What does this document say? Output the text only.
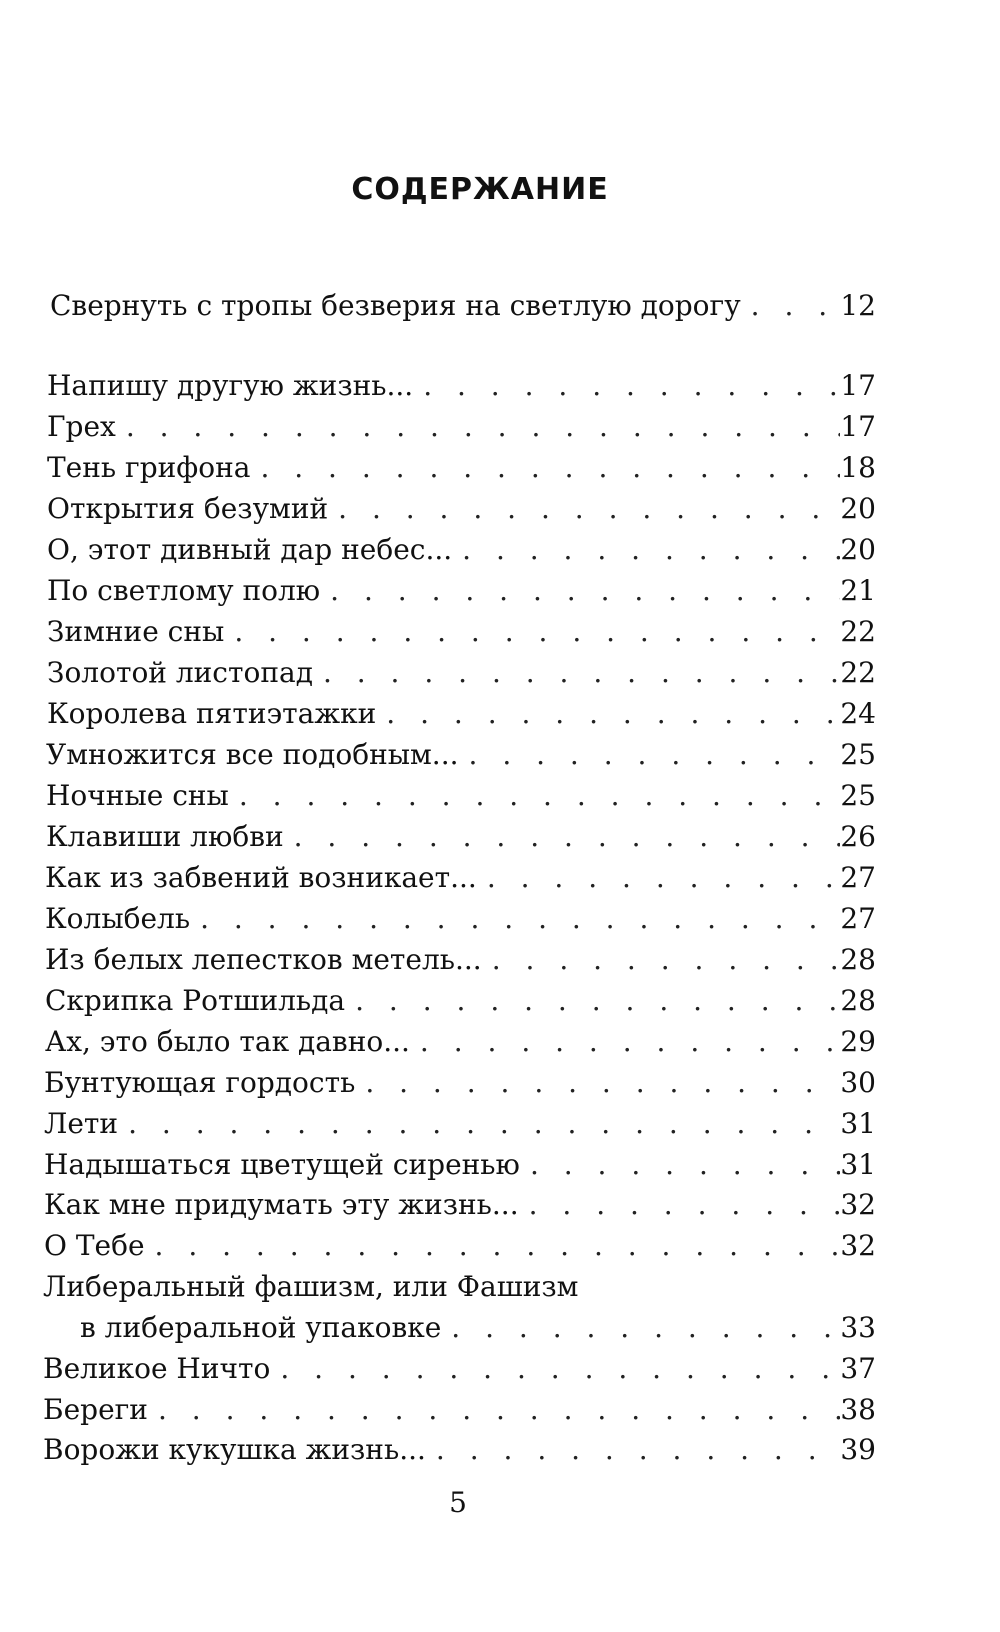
СОДЕРЖАНИЕ
Свернуть с тропы безверия на светлую дорогу . . .	12
Напишу другую жизнь... . . .	17
Грех . . .	17
Тень грифона . . .	18
Открытия безумий . . .	20
О, этот дивный дар небес... . . .	20
По светлому полю . . .	21
Зимние сны . . .	22
Золотой листопад . . .	22
Королева пятиэтажки . . .	24
Умножится все подобным... . . .	25
Ночные сны . . .	25
Клавиши любви . . .	26
Как из забвений возникает... . . .	27
Колыбель . . .	27
Из белых лепестков метель... . . .	28
Скрипка Ротшильда . . .	28
Ах, это было так давно... . . .	29
Бунтующая гордость . . .	30
Лети . . .	31
Надышаться цветущей сиренью . . .	31
Как мне придумать эту жизнь... . . .	32
О Тебе . . .	32
Либеральный фашизм, или Фашизм
в либеральной упаковке . . .	33
Великое Ничто . . .	37
Береги . . .	38
Ворожи кукушка жизнь... . . .	39
5
